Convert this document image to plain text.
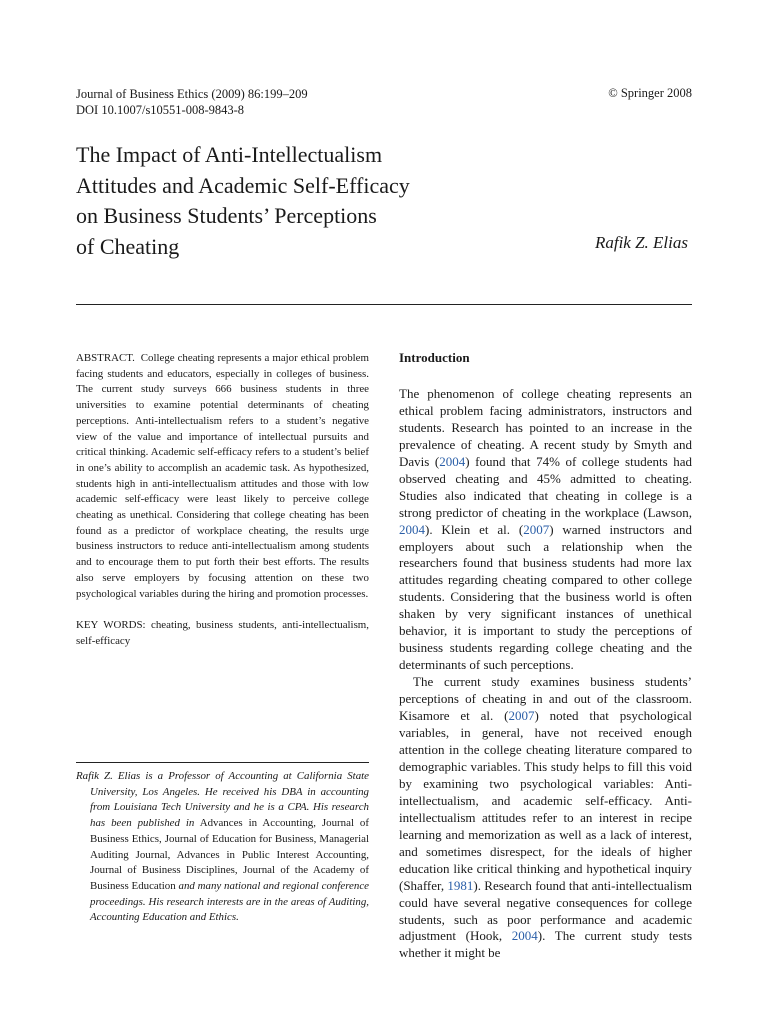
Journal of Business Ethics (2009) 86:199–209
DOI 10.1007/s10551-008-9843-8
© Springer 2008
The Impact of Anti-Intellectualism
Attitudes and Academic Self-Efficacy
on Business Students’ Perceptions
of Cheating	Rafik Z. Elias

ABSTRACT. College cheating represents a major ethical problem facing students and educators, especially in colleges of business. The current study surveys 666 business students in three universities to examine potential determinants of cheating perceptions. Anti-intellectualism refers to a student’s negative view of the value and importance of intellectual pursuits and critical thinking. Academic self-efficacy refers to a student’s belief in one’s ability to accomplish an academic task. As hypothesized, students high in anti-intellectualism attitudes and those with low academic self-efficacy were least likely to perceive college cheating as unethical. Considering that college cheating has been found as a predictor of workplace cheating, the results urge business instructors to reduce anti-intellectualism among students and to encourage them to put forth their best efforts. The results also serve employers by focusing attention on these two psychological variables during the hiring and promotion processes.

KEY WORDS: cheating, business students, anti-intellectualism, self-efficacy

Rafik Z. Elias is a Professor of Accounting at California State University, Los Angeles. He received his DBA in accounting from Louisiana Tech University and he is a CPA. His research has been published in Advances in Accounting, Journal of Business Ethics, Journal of Education for Business, Managerial Auditing Journal, Advances in Public Interest Accounting, Journal of Business Disciplines, Journal of the Academy of Business Education and many national and regional conference proceedings. His research interests are in the areas of Auditing, Accounting Education and Ethics.
Introduction

The phenomenon of college cheating represents an ethical problem facing administrators, instructors and students. Research has pointed to an increase in the prevalence of cheating. A recent study by Smyth and Davis (2004) found that 74% of college students had observed cheating and 45% admitted to cheating. Studies also indicated that cheating in college is a strong predictor of cheating in the workplace (Lawson, 2004). Klein et al. (2007) warned instructors and employers about such a relationship when the researchers found that business students had more lax attitudes regarding cheating compared to other college students. Considering that the business world is often shaken by very significant instances of unethical behavior, it is important to study the perceptions of business students regarding college cheating and the determinants of such perceptions.

The current study examines business students’ perceptions of cheating in and out of the classroom. Kisamore et al. (2007) noted that psychological variables, in general, have not received enough attention in the college cheating literature compared to demographic variables. This study helps to fill this void by examining two psychological variables: Anti-intellectualism, and academic self-efficacy. Anti-intellectualism attitudes refer to an interest in recipe learning and memorization as well as a lack of interest, and sometimes disrespect, for the ideals of higher education like critical thinking and hypothetical inquiry (Shaffer, 1981). Research found that anti-intellectualism could have several negative consequences for college students, such as poor performance and academic adjustment (Hook, 2004). The current study tests whether it might be
